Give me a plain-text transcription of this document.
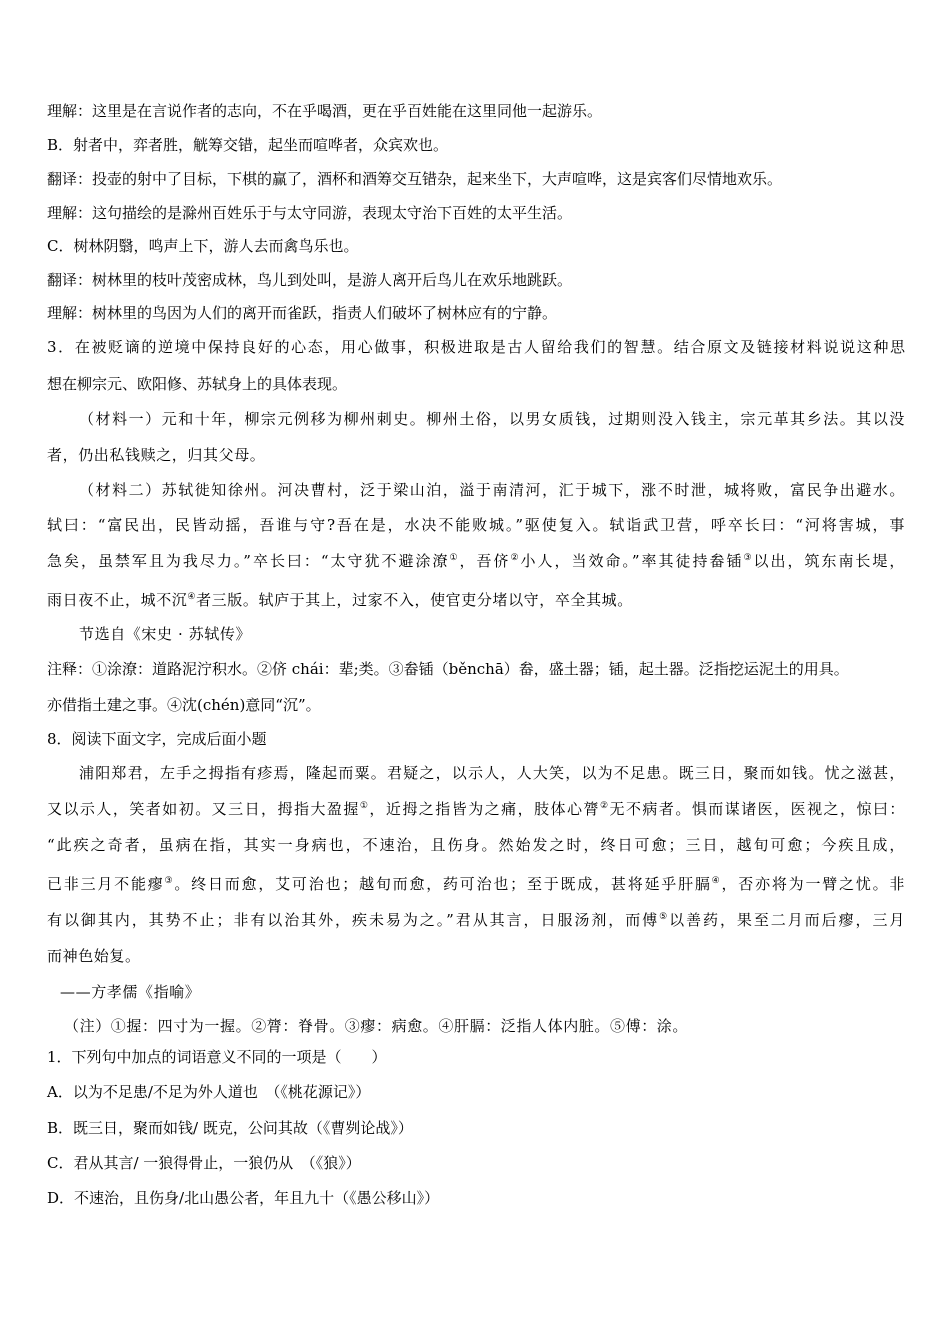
理解：这里是在言说作者的志向，不在乎喝酒，更在乎百姓能在这里同他一起游乐。
B．射者中，弈者胜，觥筹交错，起坐而喧哗者，众宾欢也。
翻译：投壶的射中了目标，下棋的赢了，酒杯和酒筹交互错杂，起来坐下，大声喧哗，这是宾客们尽情地欢乐。
理解：这句描绘的是滁州百姓乐于与太守同游，表现太守治下百姓的太平生活。
C．树林阴翳，鸣声上下，游人去而禽鸟乐也。
翻译：树林里的枝叶茂密成林，鸟儿到处叫，是游人离开后鸟儿在欢乐地跳跃。
理解：树林里的鸟因为人们的离开而雀跃，指责人们破坏了树林应有的宁静。
3．在被贬谪的逆境中保持良好的心态，用心做事，积极进取是古人留给我们的智慧。结合原文及链接材料说说这种思
想在柳宗元、欧阳修、苏轼身上的具体表现。
（材料一）元和十年，柳宗元例移为柳州刺史。柳州土俗，以男女质钱，过期则没入钱主，宗元革其乡法。其以没
者，仍出私钱赎之，归其父母。
（材料二）苏轼徙知徐州。河决曹村，泛于梁山泊，溢于南清河，汇于城下，涨不时泄，城将败，富民争出避水。
轼曰：“富民出，民皆动摇，吾谁与守?吾在是，水决不能败城。”驱使复入。轼诣武卫营，呼卒长曰：“河将害城，事
急矣，虽禁军且为我尽力。”卒长曰：“太守犹不避涂潦①，吾侪②小人，当效命。”率其徒持畚锸③以出，筑东南长堤，
雨日夜不止，城不沉④者三版。轼庐于其上，过家不入，使官吏分堵以守，卒全其城。
节选自《宋史 · 苏轼传》
注释：①涂潦：道路泥泞积水。②侪 chái：辈;类。③畚锸（běnchā）畚，盛土器；锸，起土器。泛指挖运泥土的用具。
亦借指土建之事。④沈(chén)意同“沉”。
8．阅读下面文字，完成后面小题
浦阳郑君，左手之拇指有疹焉，隆起而粟。君疑之，以示人，人大笑，以为不足患。既三日，聚而如钱。忧之滋甚，
又以示人，笑者如初。又三日，拇指大盈握①，近拇之指皆为之痛，肢体心膂②无不病者。惧而谋诸医，医视之，惊曰：
“此疾之奇者，虽病在指，其实一身病也，不速治，且伤身。然始发之时，终日可愈；三日，越旬可愈；今疾且成，
已非三月不能瘳③。终日而愈，艾可治也；越旬而愈，药可治也；至于既成，甚将延乎肝膈④，否亦将为一臂之忧。非
有以御其内，其势不止；非有以治其外，疾未易为之。”君从其言，日服汤剂，而傅⑤以善药，果至二月而后瘳，三月
而神色始复。
——方孝儒《指喻》
（注）①握：四寸为一握。②膂：脊骨。③瘳：病愈。④肝膈：泛指人体内脏。⑤傅：涂。
1．下列句中加点的词语意义不同的一项是（　　）
A．以为不足患/不足为外人道也　（《桃花源记》）
B．既三日，聚而如钱/ 既克，公问其故（《曹刿论战》）
C．君从其言/ 一狼得骨止，一狼仍从　（《狼》）
D．不速治，且伤身/北山愚公者，年且九十（《愚公移山》）
